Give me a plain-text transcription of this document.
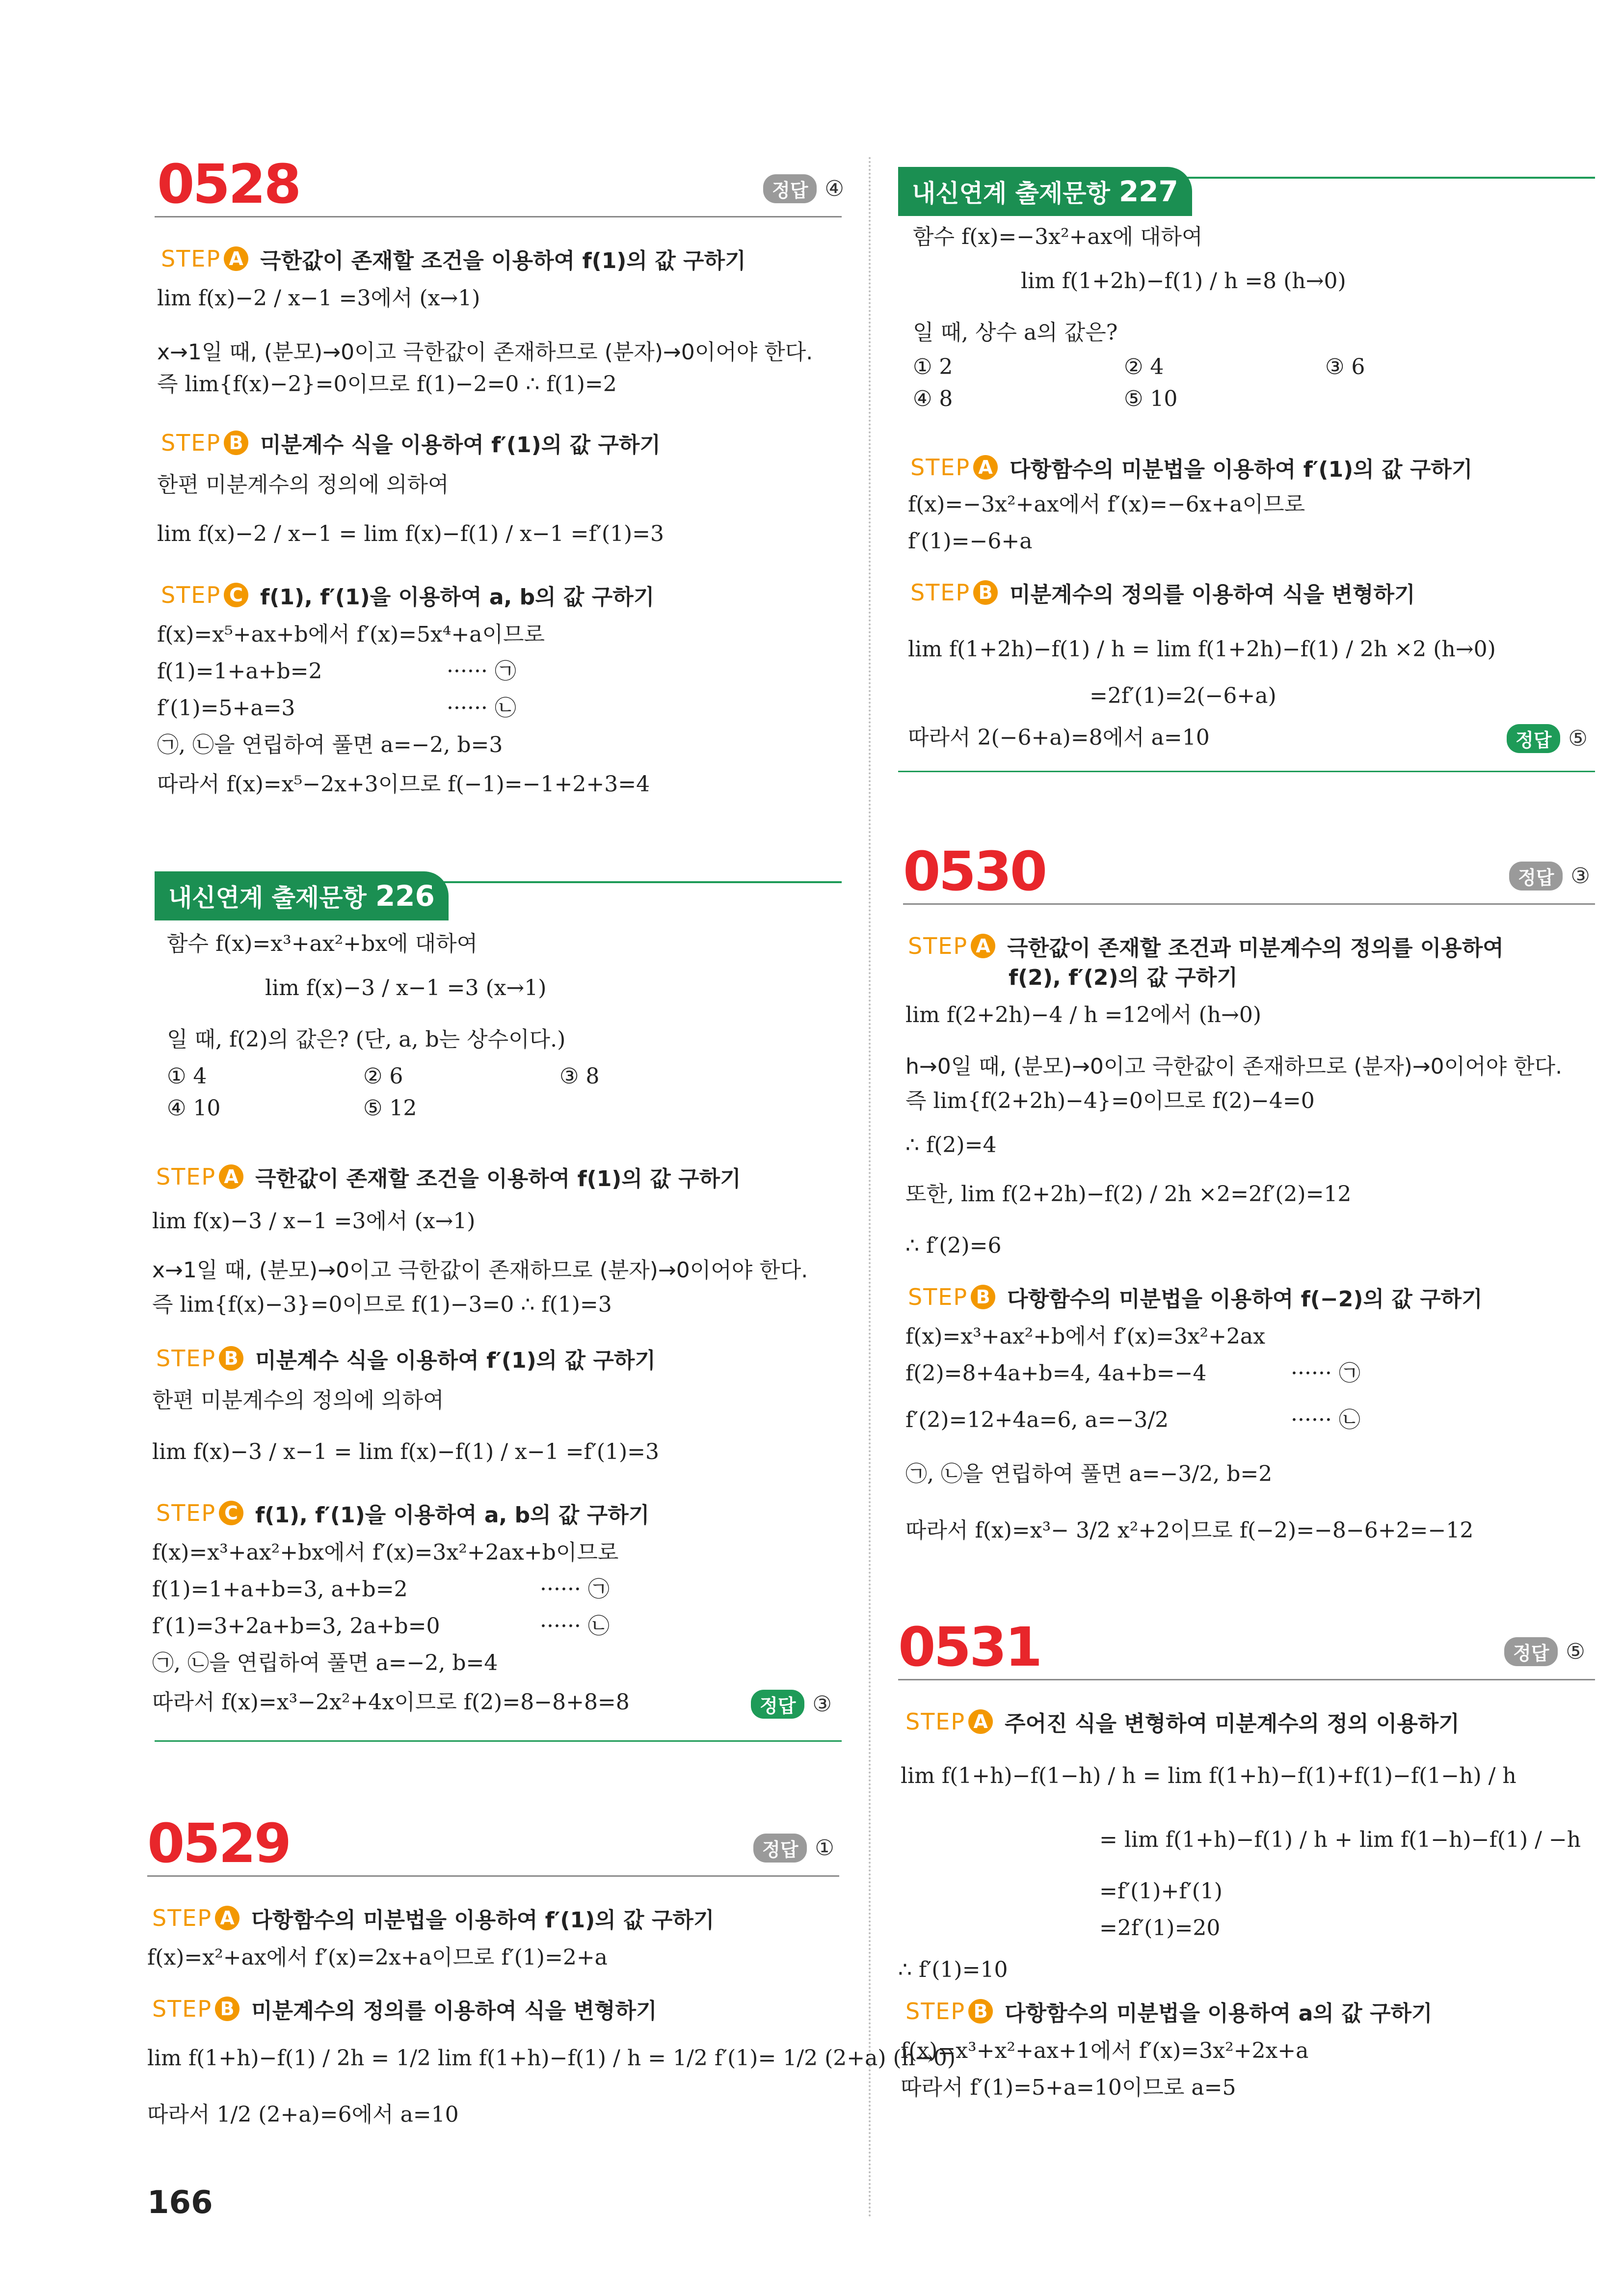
0528	정답 ④
STEP A 극한값이 존재할 조건을 이용하여 f(1)의 값 구하기
lim f(x)−2 / x−1 =3에서 (x→1)
x→1일 때, (분모)→0이고 극한값이 존재하므로 (분자)→0이어야 한다.
즉 lim{f(x)−2}=0이므로 f(1)−2=0 ∴ f(1)=2
STEP B 미분계수 식을 이용하여 f′(1)의 값 구하기
한편 미분계수의 정의에 의하여
lim f(x)−2 / x−1 = lim f(x)−f(1) / x−1 =f′(1)=3
STEP C f(1), f′(1)을 이용하여 a, b의 값 구하기
f(x)=x⁵+ax+b에서 f′(x)=5x⁴+a이므로
f(1)=1+a+b=2	······ ㉠
f′(1)=5+a=3	······ ㉡
㉠, ㉡을 연립하여 풀면 a=−2, b=3
따라서 f(x)=x⁵−2x+3이므로 f(−1)=−1+2+3=4
내신연계 출제문항 226
함수 f(x)=x³+ax²+bx에 대하여
lim f(x)−3 / x−1 =3 (x→1)
일 때, f(2)의 값은? (단, a, b는 상수이다.)
① 4	② 6	③ 8
④ 10	⑤ 12
STEP A 극한값이 존재할 조건을 이용하여 f(1)의 값 구하기
lim f(x)−3 / x−1 =3에서 (x→1)
x→1일 때, (분모)→0이고 극한값이 존재하므로 (분자)→0이어야 한다.
즉 lim{f(x)−3}=0이므로 f(1)−3=0 ∴ f(1)=3
STEP B 미분계수 식을 이용하여 f′(1)의 값 구하기
한편 미분계수의 정의에 의하여
lim f(x)−3 / x−1 = lim f(x)−f(1) / x−1 =f′(1)=3
STEP C f(1), f′(1)을 이용하여 a, b의 값 구하기
f(x)=x³+ax²+bx에서 f′(x)=3x²+2ax+b이므로
f(1)=1+a+b=3, a+b=2	······ ㉠
f′(1)=3+2a+b=3, 2a+b=0	······ ㉡
㉠, ㉡을 연립하여 풀면 a=−2, b=4
따라서 f(x)=x³−2x²+4x이므로 f(2)=8−8+8=8	정답 ③
0529	정답 ①
STEP A 다항함수의 미분법을 이용하여 f′(1)의 값 구하기
f(x)=x²+ax에서 f′(x)=2x+a이므로 f′(1)=2+a
STEP B 미분계수의 정의를 이용하여 식을 변형하기
lim f(1+h)−f(1) / 2h = 1/2 lim f(1+h)−f(1) / h = 1/2 f′(1)= 1/2 (2+a) (h→0)
따라서 1/2 (2+a)=6에서 a=10
내신연계 출제문항 227
함수 f(x)=−3x²+ax에 대하여
lim f(1+2h)−f(1) / h =8 (h→0)
일 때, 상수 a의 값은?
① 2	② 4	③ 6
④ 8	⑤ 10
STEP A 다항함수의 미분법을 이용하여 f′(1)의 값 구하기
f(x)=−3x²+ax에서 f′(x)=−6x+a이므로
f′(1)=−6+a
STEP B 미분계수의 정의를 이용하여 식을 변형하기
lim f(1+2h)−f(1) / h = lim f(1+2h)−f(1) / 2h ×2 (h→0)
=2f′(1)=2(−6+a)
따라서 2(−6+a)=8에서 a=10	정답 ⑤
0530	정답 ③
STEP A 극한값이 존재할 조건과 미분계수의 정의를 이용하여
f(2), f′(2)의 값 구하기
lim f(2+2h)−4 / h =12에서 (h→0)
h→0일 때, (분모)→0이고 극한값이 존재하므로 (분자)→0이어야 한다.
즉 lim{f(2+2h)−4}=0이므로 f(2)−4=0
∴ f(2)=4
또한, lim f(2+2h)−f(2) / 2h ×2=2f′(2)=12
∴ f′(2)=6
STEP B 다항함수의 미분법을 이용하여 f(−2)의 값 구하기
f(x)=x³+ax²+b에서 f′(x)=3x²+2ax
f(2)=8+4a+b=4, 4a+b=−4	······ ㉠
f′(2)=12+4a=6, a=−3/2	······ ㉡
㉠, ㉡을 연립하여 풀면 a=−3/2, b=2
따라서 f(x)=x³− 3/2 x²+2이므로 f(−2)=−8−6+2=−12
0531	정답 ⑤
STEP A 주어진 식을 변형하여 미분계수의 정의 이용하기
lim f(1+h)−f(1−h) / h = lim f(1+h)−f(1)+f(1)−f(1−h) / h
= lim f(1+h)−f(1) / h + lim f(1−h)−f(1) / −h
=f′(1)+f′(1)
=2f′(1)=20
∴ f′(1)=10
STEP B 다항함수의 미분법을 이용하여 a의 값 구하기
f(x)=x³+x²+ax+1에서 f′(x)=3x²+2x+a
따라서 f′(1)=5+a=10이므로 a=5
166
